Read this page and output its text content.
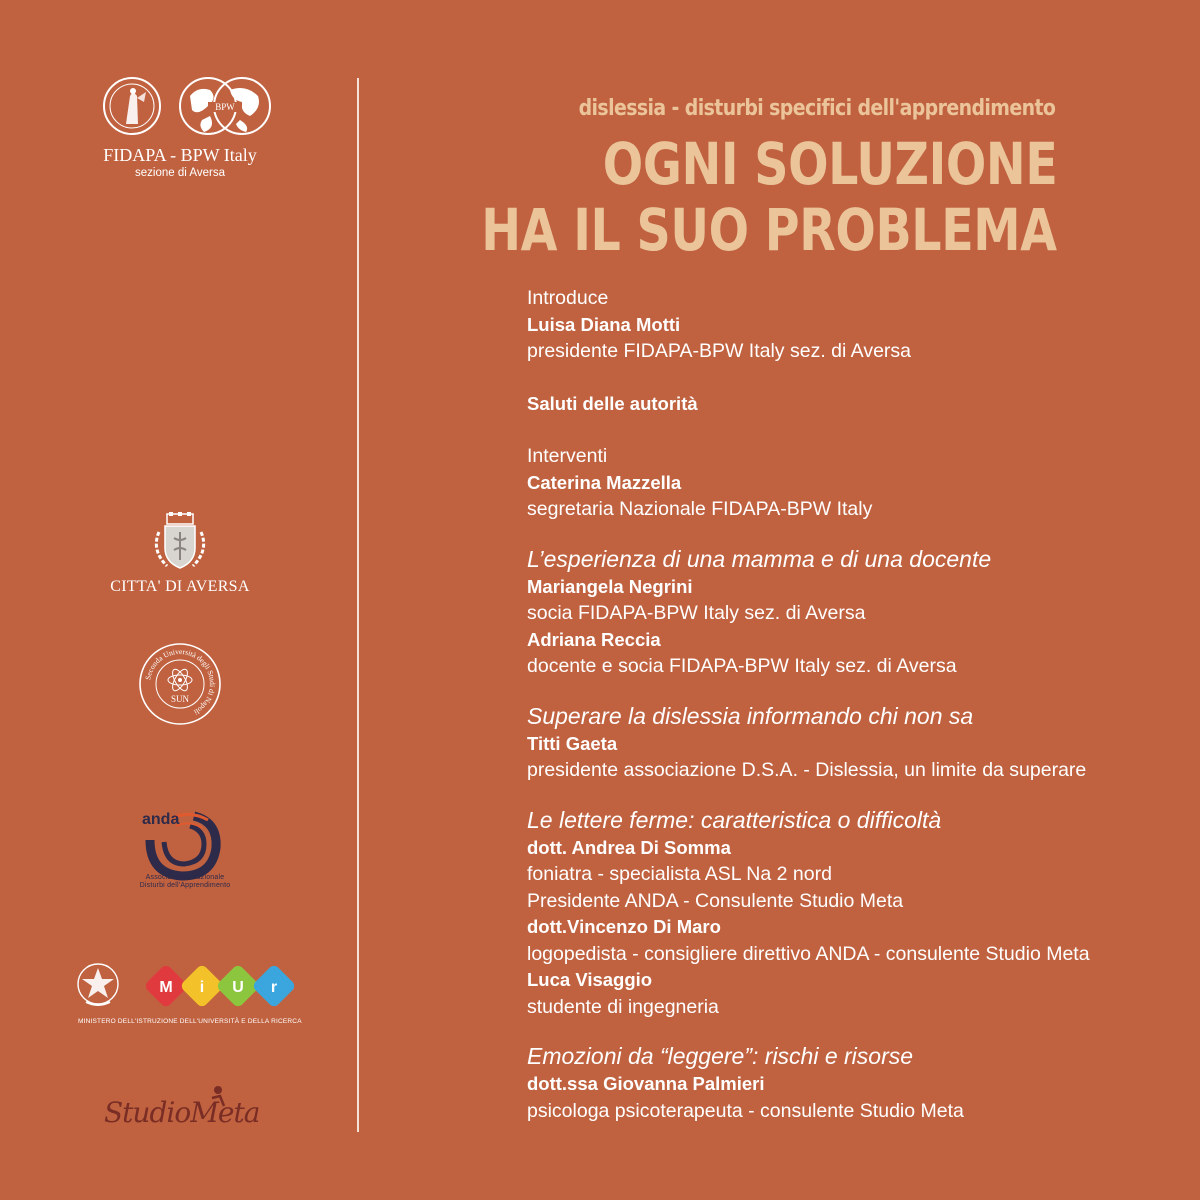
BPW
FIDAPA - BPW Italy
sezione di Aversa
CITTA' DI AVERSA
Seconda Università degli Studi di Napoli
SUN
anda
Associazione Nazionale
Disturbi dell'Apprendimento
M i U r
MINISTERO DELL'ISTRUZIONE DELL'UNIVERSITÀ E DELLA RICERCA
StudioMeta
dislessia - disturbi specifici dell'apprendimento
OGNI SOLUZIONE
HA IL SUO PROBLEMA
Introduce
Luisa Diana Motti
presidente FIDAPA-BPW Italy sez. di Aversa
Saluti delle autorità
Interventi
Caterina Mazzella
segretaria Nazionale FIDAPA-BPW Italy
L’esperienza di una mamma e di una docente
Mariangela Negrini
socia FIDAPA-BPW Italy sez. di Aversa
Adriana Reccia
docente e socia FIDAPA-BPW Italy sez. di Aversa
Superare la dislessia informando chi non sa
Titti Gaeta
presidente associazione D.S.A. - Dislessia, un limite da superare
Le lettere ferme: caratteristica o difficoltà
dott. Andrea Di Somma
foniatra - specialista ASL Na 2 nord
Presidente ANDA - Consulente Studio Meta
dott.Vincenzo Di Maro
logopedista - consigliere direttivo ANDA - consulente Studio Meta
Luca Visaggio
studente di ingegneria
Emozioni da “leggere”: rischi e risorse
dott.ssa Giovanna Palmieri
psicologa psicoterapeuta - consulente Studio Meta
